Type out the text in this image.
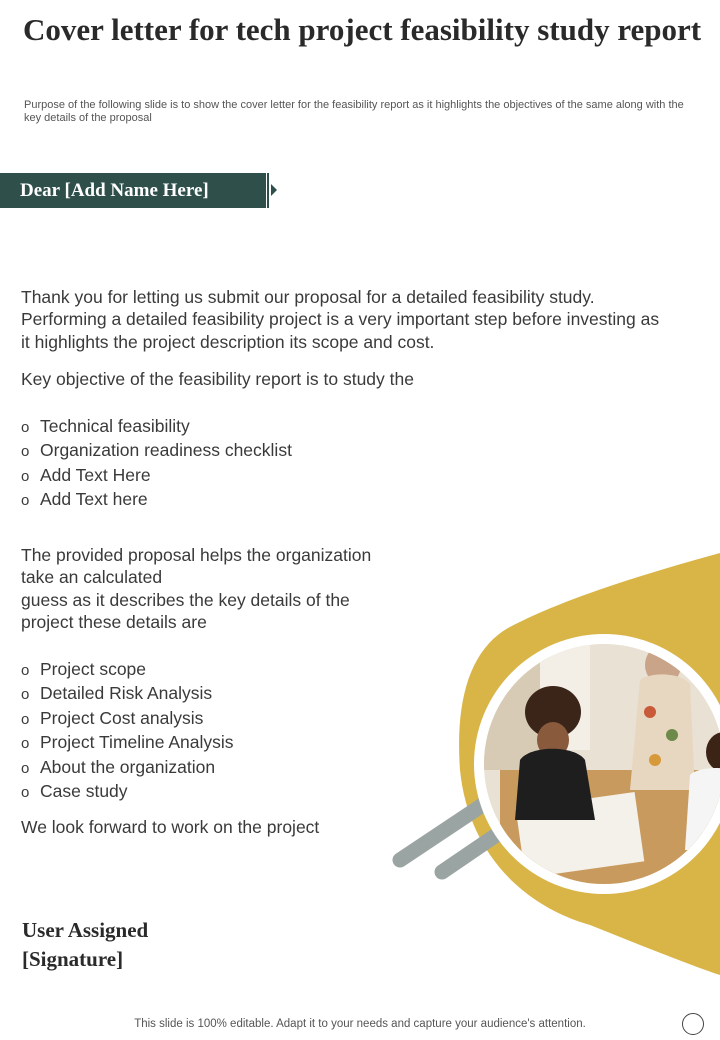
Cover letter for tech project feasibility study report
Purpose of the following slide is to show the cover letter for the feasibility report as it highlights the objectives of the same along with the key details of the proposal
Dear [Add Name Here]

Thank you for letting us submit our proposal for a detailed feasibility study.
Performing a detailed feasibility project is a very important step before investing as
it highlights the project description its scope and cost.

Key objective of the feasibility report is to study the

o Technical feasibility
o Organization readiness checklist
o Add Text Here
o Add Text here

The provided proposal helps the organization
take an calculated
guess as it describes the key details of the
project these details are

o Project scope
o Detailed Risk Analysis
o Project Cost analysis
o Project Timeline Analysis
o About the organization
o Case study

We look forward to work on the project

User Assigned
[Signature]
This slide is 100% editable. Adapt it to your needs and capture your audience's attention.
